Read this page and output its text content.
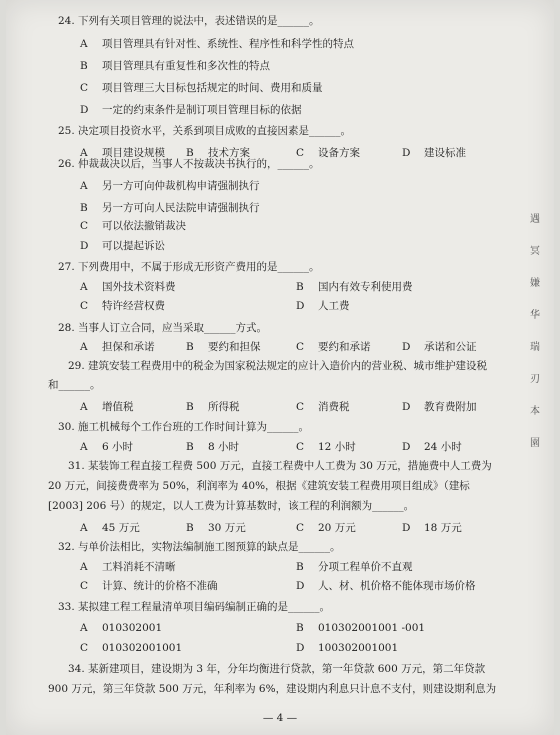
24. 下列有关项目管理的说法中，表述错误的是______。
A 项目管理具有针对性、系统性、程序性和科学性的特点
B 项目管理具有重复性和多次性的特点
C 项目管理三大目标包括规定的时间、费用和质量
D 一定的约束条件是制订项目管理目标的依据
25. 决定项目投资水平，关系到项目成败的直接因素是______。
A 项目建设规模 B 技术方案	C 设备方案	D 建设标准
26. 仲裁裁决以后，当事人不按裁决书执行的，______。
A 另一方可向仲裁机构申请强制执行
B 另一方可向人民法院申请强制执行
C 可以依法撤销裁决
D 可以提起诉讼
27. 下列费用中，不属于形成无形资产费用的是______。
A 国外技术资料费	B 国内有效专利使用费
C 特许经营权费	D 人工费
28. 当事人订立合同，应当采取______方式。
A 担保和承诺	B 要约和担保	C 要约和承诺	D 承诺和公证
29. 建筑安装工程费用中的税金为国家税法规定的应计入造价内的营业税、城市维护建设税
和______。
A 增值税	B 所得税	C 消费税	D 教育费附加
30. 施工机械每个工作台班的工作时间计算为______。
A 6 小时	B 8 小时	C 12 小时	D 24 小时
31. 某装饰工程直接工程费 500 万元，直接工程费中人工费为 30 万元，措施费中人工费为
20 万元，间接费费率为 50%，利润率为 40%，根据《建筑安装工程费用项目组成》（建标
[2003] 206 号）的规定，以人工费为计算基数时，该工程的利润额为______。
A 45 万元	B 30 万元	C 20 万元	D 18 万元
32. 与单价法相比，实物法编制施工图预算的缺点是______。
A 工料消耗不清晰	B 分项工程单价不直观
C 计算、统计的价格不准确	D 人、材、机价格不能体现市场价格
33. 某拟建工程工程量清单项目编码编制正确的是______。
A 010302001	B 010302001001 -001
C 010302001001	D 100302001001
34. 某新建项目，建设期为 3 年，分年均衡进行贷款，第一年贷款 600 万元，第二年贷款
900 万元，第三年贷款 500 万元，年利率为 6%，建设期内利息只计息不支付，则建设期利息为
遇
冥
嫌
华
瑞
刃
本
園
— 4 —
